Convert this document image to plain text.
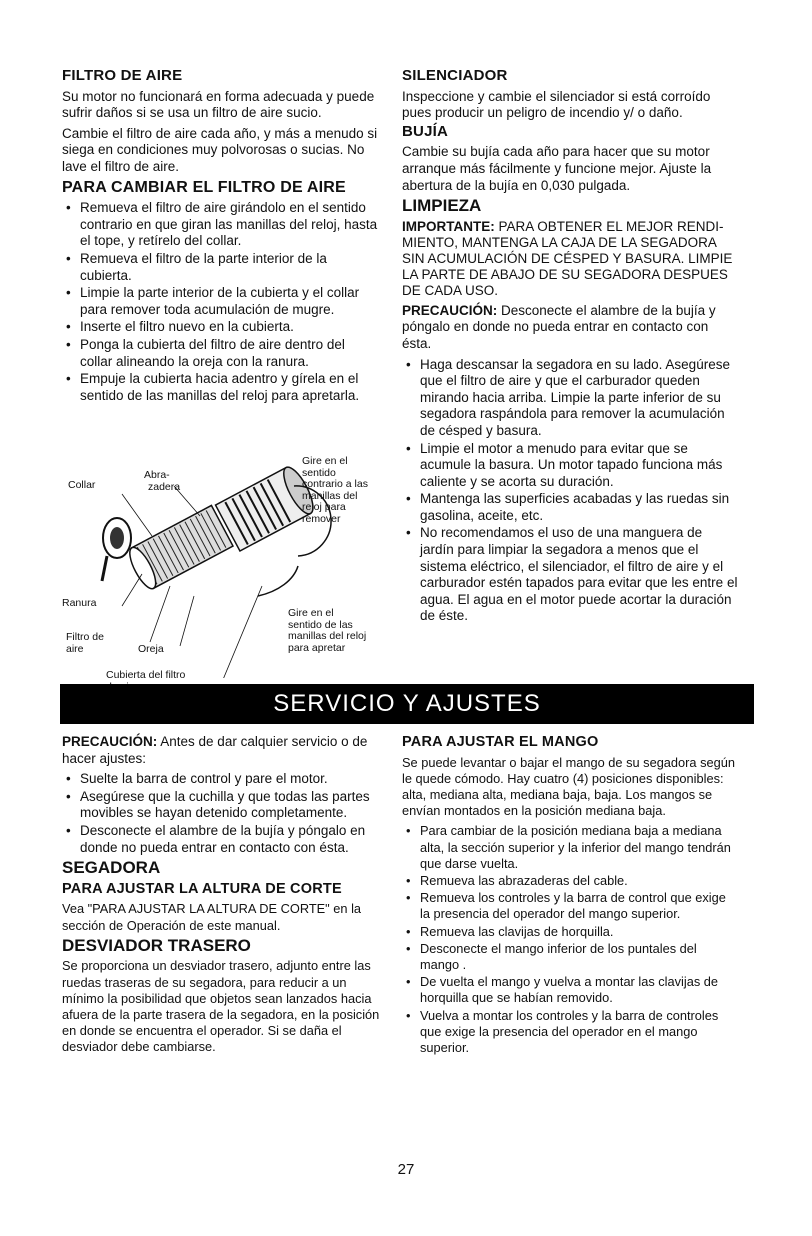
FILTRO DE AIRE

Su motor no funcionará en forma adecuada y puede sufrir daños si se usa un filtro de aire sucio.

Cambie el filtro de aire cada año, y más a menudo si siega en condiciones muy polvorosas o sucias. No lave el filtro de aire.

PARA CAMBIAR EL FILTRO DE AIRE
• Remueva el filtro de aire girándolo en el sentido contrario en que giran las manillas del reloj, hasta el tope, y retírelo del collar.
• Remueva el filtro de la parte interior de la cubierta.
• Limpie la parte interior de la cubierta y el collar para remover toda acumulación de mugre.
• Inserte el filtro nuevo en la cubierta.
• Ponga la cubierta del filtro de aire dentro del collar alineando la oreja con la ranura.
• Empuje la cubierta hacia adentro y gírela en el sentido de las manillas del reloj para apretarla.
Collar
Abra-
zadera
Ranura
Filtro de
aire	Oreja
Cubierta del filtro
Gire en el
sentido
contrario a las
manillas del
reloj para
remover
Gire en el
sentido de las
manillas del reloj
para apretar
SILENCIADOR

Inspeccione y cambie el silenciador si está corroído pues producir un peligro de incendio y/ o daño.

BUJÍA

Cambie su bujía cada año para hacer que su motor arranque más fácilmente y funcione mejor. Ajuste la abertura de la bujía en 0,030 pulgada.

LIMPIEZA

IMPORTANTE: PARA OBTENER EL MEJOR RENDI-MIENTO, MANTENGA LA CAJA DE LA SEGADORA SIN ACUMULACIÓN DE CÉSPED Y BASURA. LIMPIE LA PARTE DE ABAJO DE SU SEGADORA DESPUES DE CADA USO.

PRECAUCIÓN: Desconecte el alambre de la bujía y póngalo en donde no pueda entrar en contacto con ésta.

• Haga descansar la segadora en su lado. Asegúrese que el filtro de aire y que el carburador queden mirando hacia arriba. Limpie la parte inferior de su segadora raspándola para remover la acumulación de césped y basura.
• Limpie el motor a menudo para evitar que se acumule la basura. Un motor tapado funciona más caliente y se acorta su duración.
• Mantenga las superficies acabadas y las ruedas sin gasolina, aceite, etc.
• No recomendamos el uso de una manguera de jardín para limpiar la segadora a menos que el sistema eléctrico, el silenciador, el filtro de aire y el carburador estén tapados para evitar que les entre el agua. El agua en el motor puede acortar la duración de éste.
SERVICIO Y AJUSTES

PRECAUCIÓN: Antes de dar calquier servicio o de hacer ajustes:

• Suelte la barra de control y pare el motor.
• Asegúrese que la cuchilla y que todas las partes movibles se hayan detenido completamente.
• Desconecte el alambre de la bujía y póngalo en donde no pueda entrar en contacto con ésta.
SEGADORA
PARA AJUSTAR LA ALTURA DE CORTE

Vea "PARA AJUSTAR LA ALTURA DE CORTE" en la sección de Operación de este manual.

DESVIADOR TRASERO

Se proporciona un desviador trasero, adjunto entre las ruedas traseras de su segadora, para reducir a un mínimo la posibilidad que objetos sean lanzados hacia afuera de la parte trasera de la segadora, en la posición en donde se encuentra el operador. Si se daña el desviador debe cambiarse.

PARA AJUSTAR EL MANGO

Se puede levantar o bajar el mango de su segadora según le quede cómodo. Hay cuatro (4) posiciones disponibles: alta, mediana alta, mediana baja, baja. Los mangos se envían montados en la posición mediana baja.

• Para cambiar de la posición mediana baja a mediana alta, la sección superior y la inferior del mango tendrán que darse vuelta.
• Remueva las abrazaderas del cable.
• Remueva los controles y la barra de control que exige la presencia del operador del mango superior.
• Remueva las clavijas de horquilla.
• Desconecte el mango inferior de los puntales del mango .
• De vuelta el mango y vuelva a montar las clavijas de horquilla que se habían removido.
• Vuelva a montar los controles y la barra de controles que exige la presencia del operador en el mango superior.
27
